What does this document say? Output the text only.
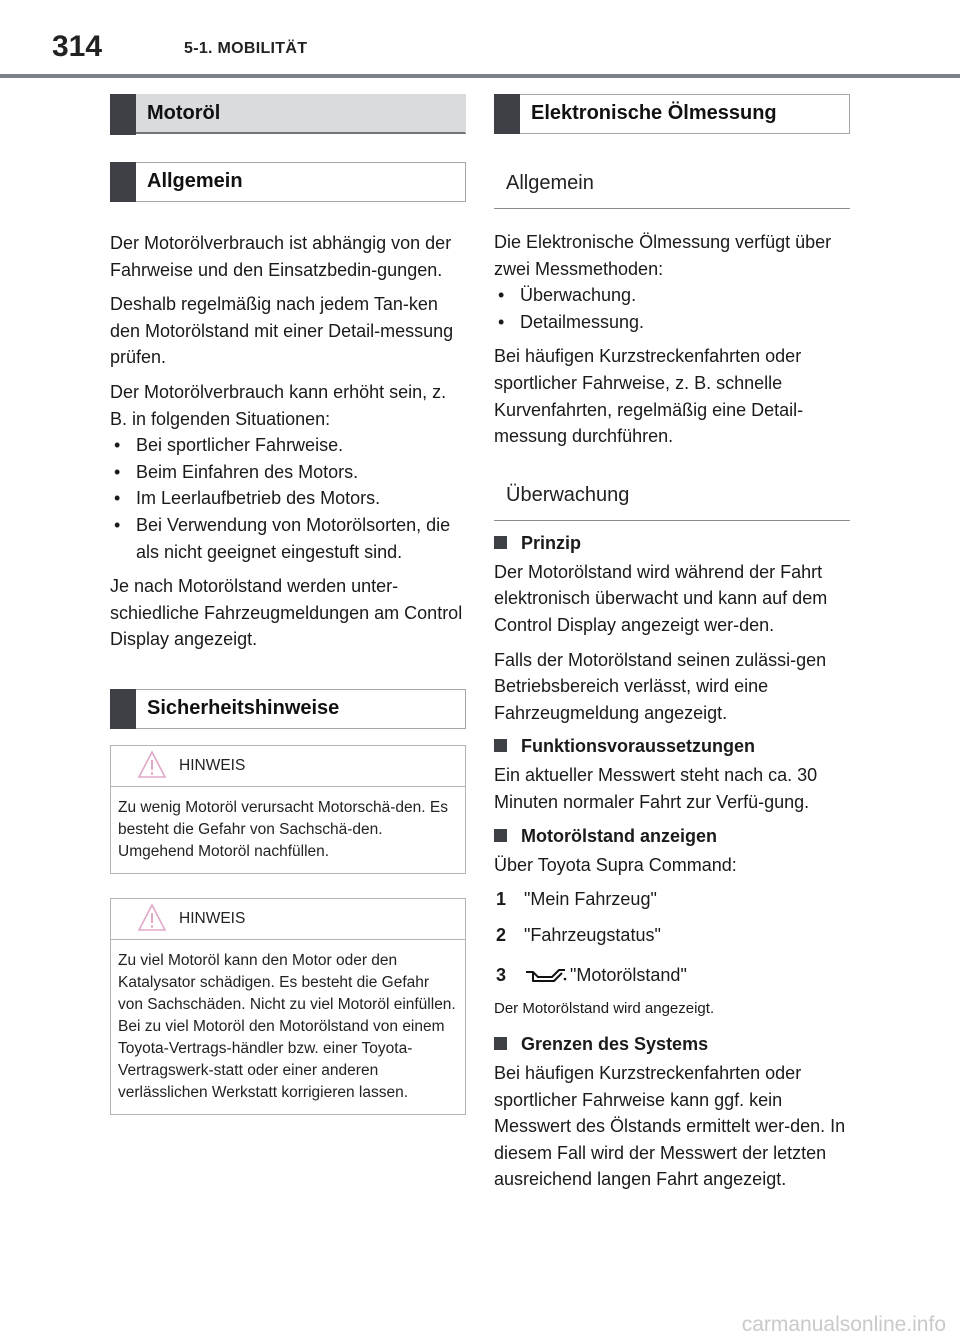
314	5-1. MOBILITÄT
Motoröl
Allgemein

Der Motorölverbrauch ist abhängig von der Fahrweise und den Einsatzbedin-gungen.

Deshalb regelmäßig nach jedem Tan-ken den Motorölstand mit einer Detail-messung prüfen.

Der Motorölverbrauch kann erhöht sein, z. B. in folgenden Situationen:

• Bei sportlicher Fahrweise.
• Beim Einfahren des Motors.
• Im Leerlaufbetrieb des Motors.
• Bei Verwendung von Motorölsorten, die als nicht geeignet eingestuft sind.

Je nach Motorölstand werden unter-schiedliche Fahrzeugmeldungen am Control Display angezeigt.

Sicherheitshinweise
HINWEIS
Zu wenig Motoröl verursacht Motorschä-den. Es besteht die Gefahr von Sachschä-den. Umgehend Motoröl nachfüllen.
HINWEIS
Zu viel Motoröl kann den Motor oder den Katalysator schädigen. Es besteht die Gefahr von Sachschäden. Nicht zu viel Motoröl einfüllen. Bei zu viel Motoröl den Motorölstand von einem Toyota-Vertrags-händler bzw. einer Toyota-Vertragswerk-statt oder einer anderen verlässlichen Werkstatt korrigieren lassen.
Elektronische Ölmessung
Allgemein

Die Elektronische Ölmessung verfügt über zwei Messmethoden:

• Überwachung.
• Detailmessung.

Bei häufigen Kurzstreckenfahrten oder sportlicher Fahrweise, z. B. schnelle Kurvenfahrten, regelmäßig eine Detail-messung durchführen.

Überwachung
Prinzip

Der Motorölstand wird während der Fahrt elektronisch überwacht und kann auf dem Control Display angezeigt wer-den.

Falls der Motorölstand seinen zulässi-gen Betriebsbereich verlässt, wird eine Fahrzeugmeldung angezeigt.

Funktionsvoraussetzungen

Ein aktueller Messwert steht nach ca. 30 Minuten normaler Fahrt zur Verfü-gung.

Motorölstand anzeigen

Über Toyota Supra Command:

1 "Mein Fahrzeug"
2 "Fahrzeugstatus"
3	"Motorölstand"

Der Motorölstand wird angezeigt.

Grenzen des Systems

Bei häufigen Kurzstreckenfahrten oder sportlicher Fahrweise kann ggf. kein Messwert des Ölstands ermittelt wer-den. In diesem Fall wird der Messwert der letzten ausreichend langen Fahrt angezeigt.

carmanualsonline.info
